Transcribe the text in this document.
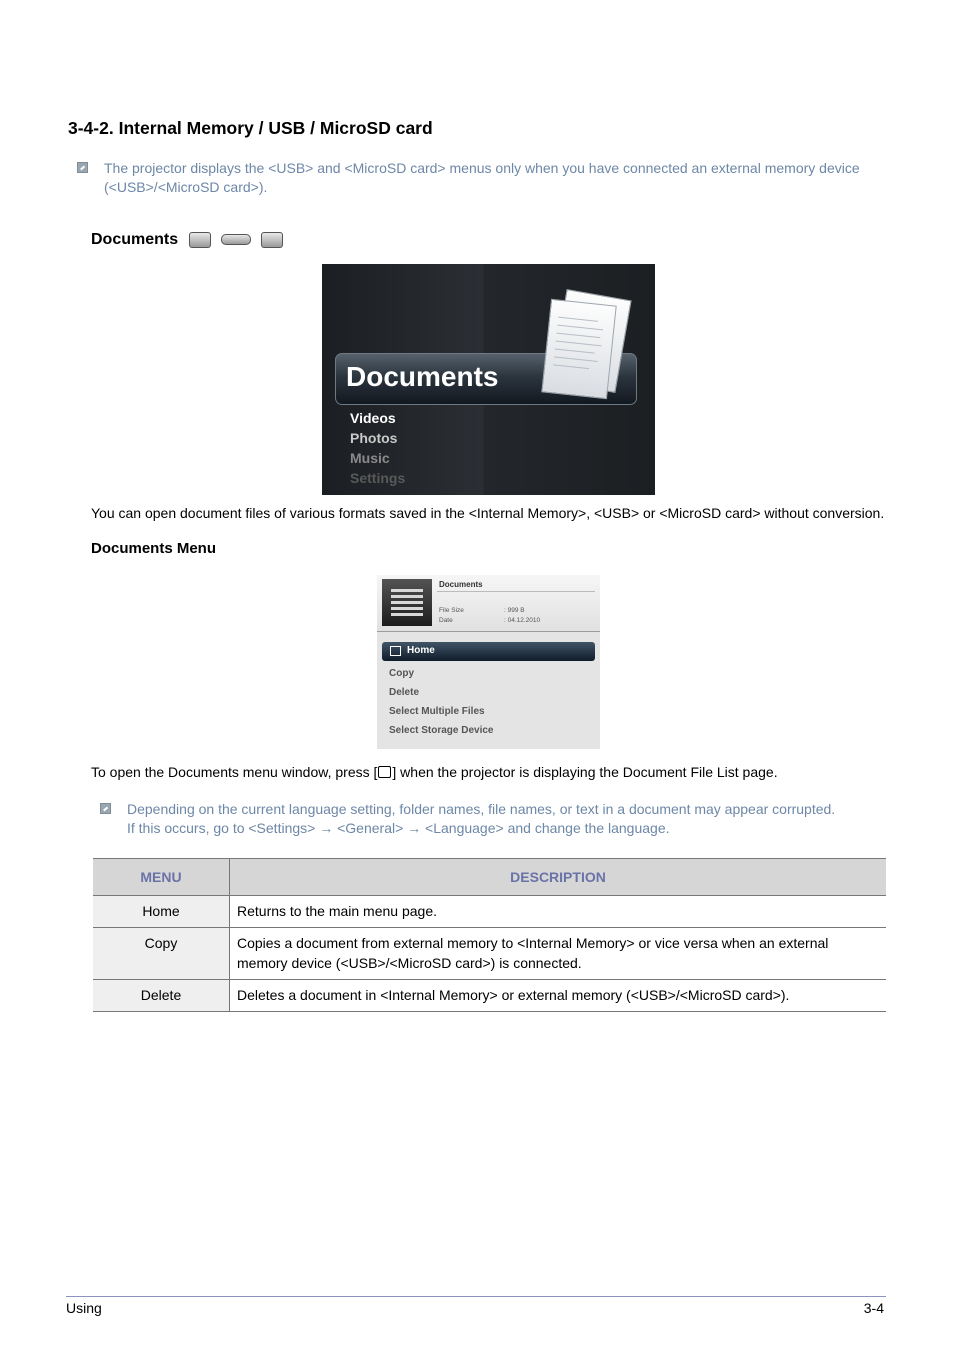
3-4-2. Internal Memory / USB / MicroSD card
The projector displays the <USB> and <MicroSD card> menus only when you have connected an external memory device
(<USB>/<MicroSD card>).
Documents
Documents
Videos
Photos
Music
Settings
You can open document files of various formats saved in the <Internal Memory>, <USB> or <MicroSD card> without conversion.
Documents Menu
Documents
File Size	: 999 B
Date	: 04.12.2010
Home
Copy
Delete
Select Multiple Files
Select Storage Device
To open the Documents menu window, press [ ] when the projector is displaying the Document File List page.
Depending on the current language setting, folder names, file names, or text in a document may appear corrupted.
If this occurs, go to <Settings> → <General> → <Language> and change the language.
MENU	DESCRIPTION
Home	Returns to the main menu page.
Copy	Copies a document from external memory to <Internal Memory> or vice versa when an external memory device (<USB>/<MicroSD card>) is connected.
Delete	Deletes a document in <Internal Memory> or external memory (<USB>/<MicroSD card>).
Using	3-4
